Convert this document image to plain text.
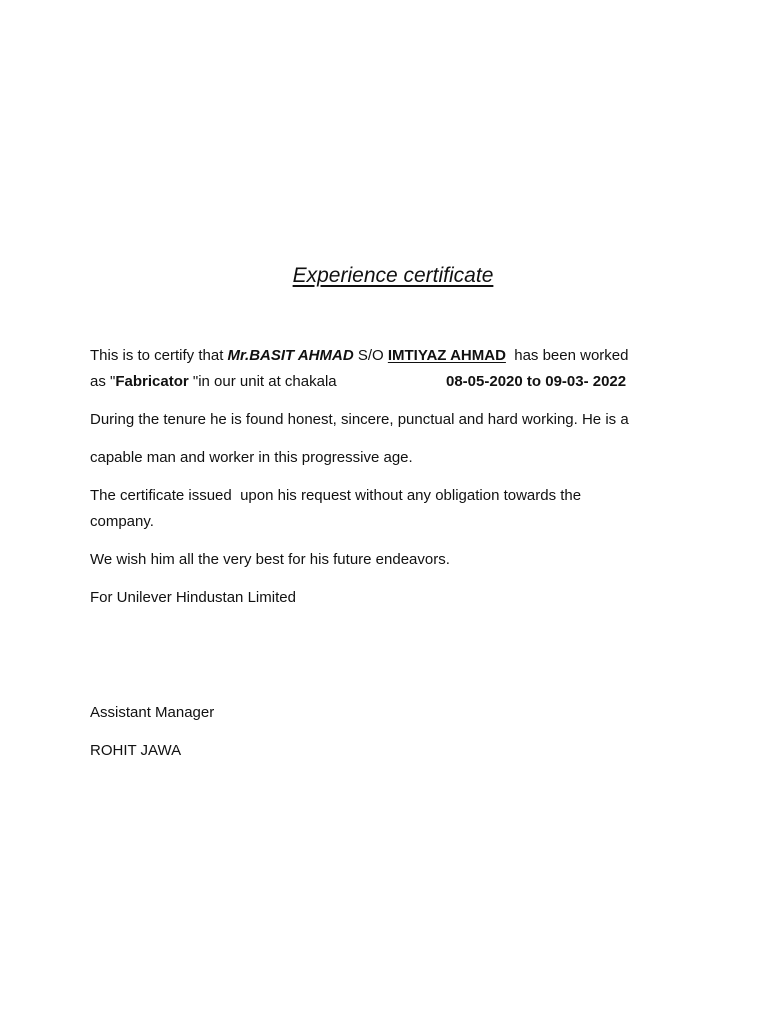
Experience certificate
This is to certify that Mr.BASIT AHMAD S/O IMTIYAZ AHMAD  has been worked
as "Fabricator "in our unit at chakala	08-05-2020 to 09-03- 2022
During the tenure he is found honest, sincere, punctual and hard working. He is a
capable man and worker in this progressive age.
The certificate issued  upon his request without any obligation towards the
company.
We wish him all the very best for his future endeavors.
For Unilever Hindustan Limited
Assistant Manager
ROHIT JAWA
